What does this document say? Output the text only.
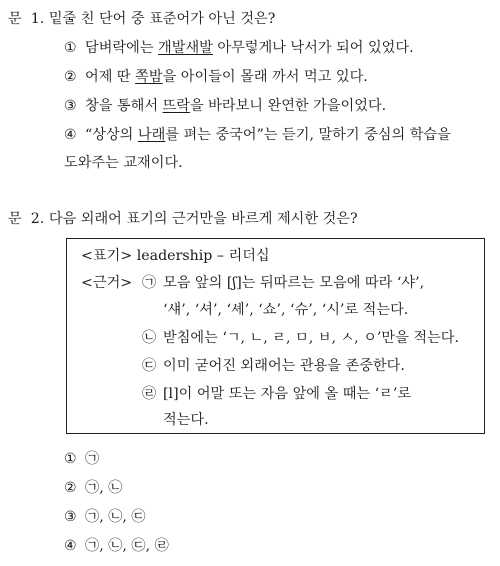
문 1. 밑줄 친 단어 중 표준어가 아닌 것은?
① 담벼락에는 개발새발 아무렇게나 낙서가 되어 있었다.
② 어제 딴 쪽밤을 아이들이 몰래 까서 먹고 있다.
③ 창을 통해서 뜨락을 바라보니 완연한 가을이었다.
④ “상상의 나래를 펴는 중국어”는 듣기, 말하기 중심의 학습을
도와주는 교재이다.
문 2. 다음 외래어 표기의 근거만을 바르게 제시한 것은?
<표기> leadership – 리더십
<근거> ㉠ 모음 앞의 [ʃ]는 뒤따르는 모음에 따라 ‘샤’,
‘섀’, ‘셔’, ‘셰’, ‘쇼’, ‘슈’, ‘시’로 적는다.
㉡ 받침에는 ‘ㄱ, ㄴ, ㄹ, ㅁ, ㅂ, ㅅ, ㅇ’만을 적는다.
㉢ 이미 굳어진 외래어는 관용을 존중한다.
㉣ [l]이 어말 또는 자음 앞에 올 때는 ‘ㄹ’로
적는다.
① ㉠
② ㉠, ㉡
③ ㉠, ㉡, ㉢
④ ㉠, ㉡, ㉢, ㉣
